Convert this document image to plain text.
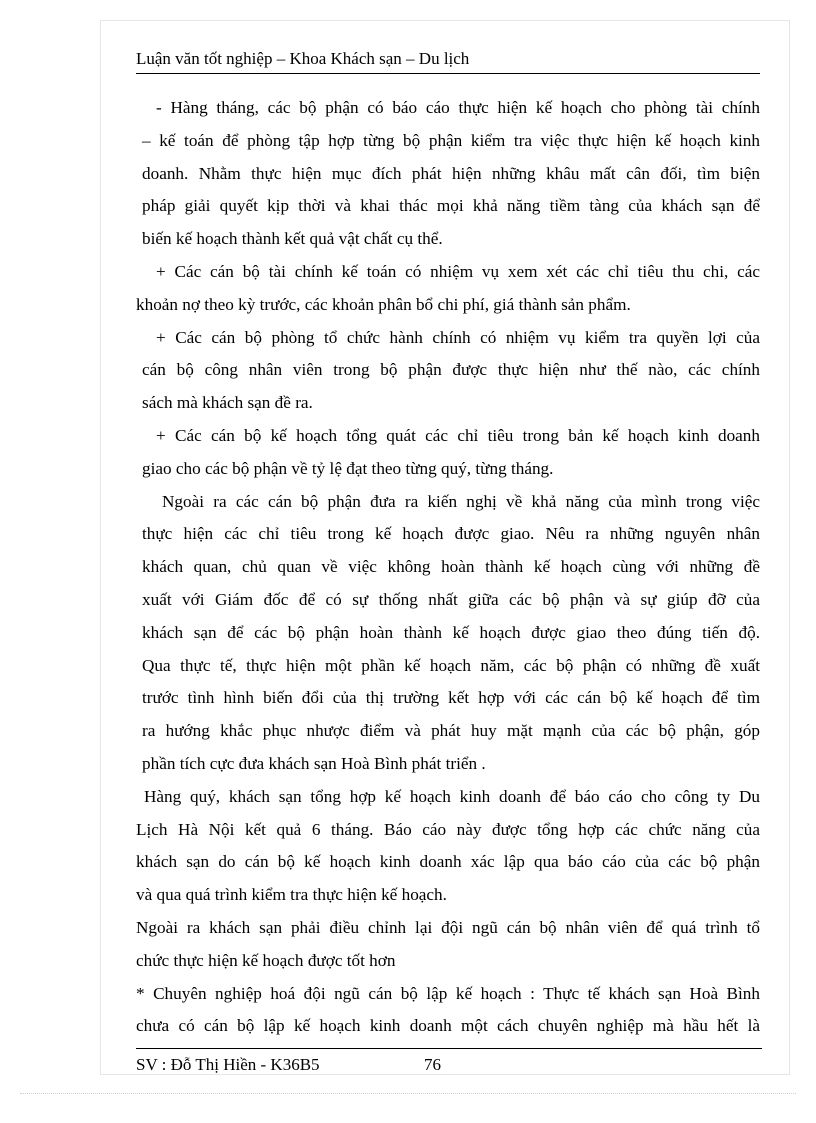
Luận văn tốt nghiệp – Khoa Khách sạn – Du lịch
- Hàng tháng, các bộ phận có báo cáo thực hiện kế hoạch cho phòng tài chính
– kế toán để phòng tập hợp từng bộ phận kiểm tra việc thực hiện kế hoạch kinh
doanh. Nhằm thực hiện mục đích phát hiện những khâu mất cân đối, tìm biện
pháp giải quyết kịp thời và khai thác mọi khả năng tiềm tàng của khách sạn để
biến kế hoạch thành kết quả vật chất cụ thể.
+ Các cán bộ tài chính kế toán có nhiệm vụ xem xét các chỉ tiêu thu chi, các
khoản nợ theo kỳ trước, các khoản phân bổ chi phí, giá thành sản phẩm.
+ Các cán bộ phòng tổ chức hành chính có nhiệm vụ kiểm tra quyền lợi của
cán bộ công nhân viên trong bộ phận được thực hiện như thế nào, các chính
sách mà khách sạn đề ra.
+ Các cán bộ kế hoạch tổng quát các chỉ tiêu trong bản kế hoạch kinh doanh
giao cho các bộ phận về tỷ lệ đạt theo từng quý, từng tháng.
Ngoài ra các cán bộ phận đưa ra kiến nghị về khả năng của mình trong việc
thực hiện các chỉ tiêu trong kế hoạch được giao. Nêu ra những nguyên nhân
khách quan, chủ quan về việc không hoàn thành kế hoạch cùng với những đề
xuất với Giám đốc để có sự thống nhất giữa các bộ phận và sự giúp đỡ của
khách sạn để các bộ phận hoàn thành kế hoạch được giao theo đúng tiến độ.
Qua thực tế, thực hiện một phần kế hoạch năm, các bộ phận có những đề xuất
trước tình hình biến đổi của thị trường kết hợp với các cán bộ kế hoạch để tìm
ra hướng khắc phục nhược điểm và phát huy mặt mạnh của các bộ phận, góp
phần tích cực đưa khách sạn Hoà Bình phát triển .
Hàng quý, khách sạn tổng hợp kế hoạch kinh doanh để báo cáo cho công ty Du
Lịch Hà Nội kết quả 6 tháng. Báo cáo này được tổng hợp các chức năng của
khách sạn do cán bộ kế hoạch kinh doanh xác lập qua báo cáo của các bộ phận
và qua quá trình kiểm tra thực hiện kế hoạch.
Ngoài ra khách sạn phải điều chỉnh lại đội ngũ cán bộ nhân viên để quá trình tổ
chức thực hiện kế hoạch được tốt hơn
* Chuyên nghiệp hoá đội ngũ cán bộ lập kế hoạch : Thực tế khách sạn Hoà Bình
chưa có cán bộ lập kế hoạch kinh doanh một cách chuyên nghiệp mà hầu hết là
SV : Đỗ Thị Hiền - K36B5	76
